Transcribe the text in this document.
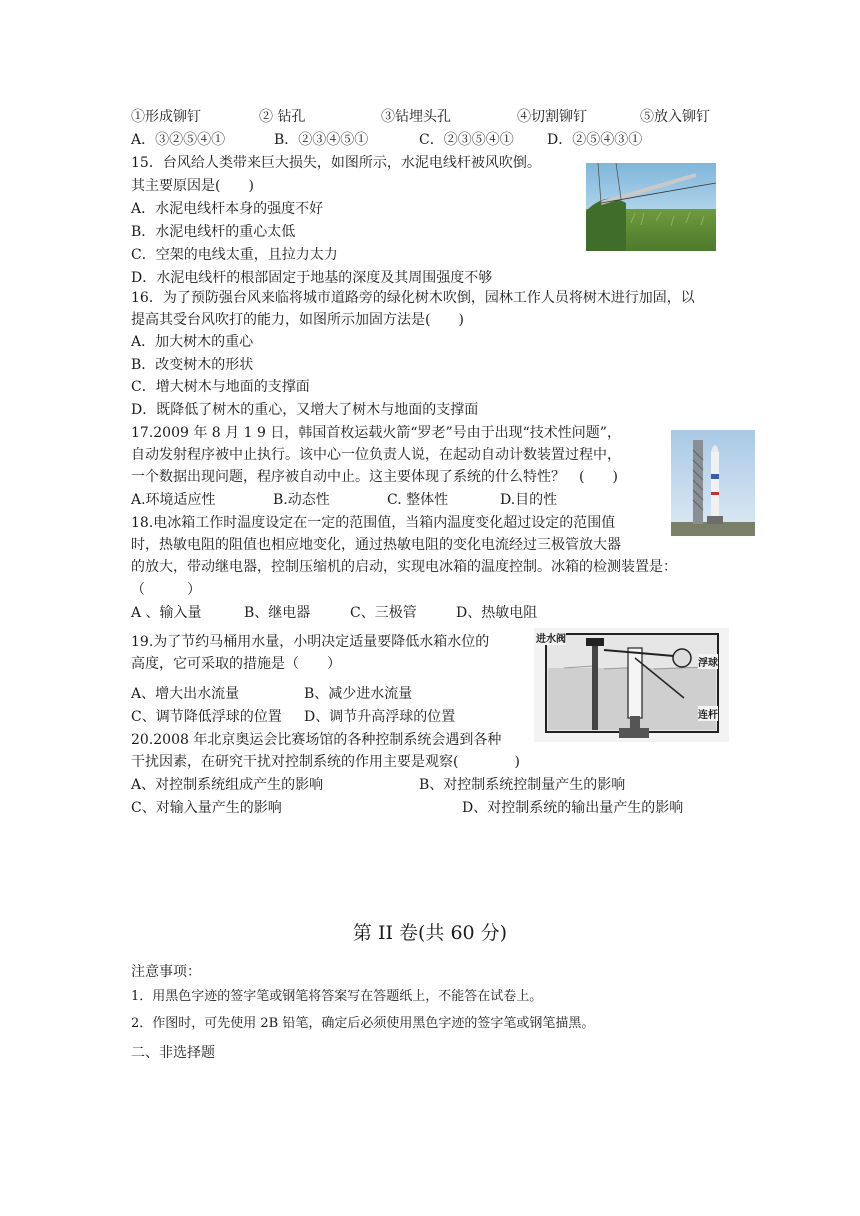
①形成铆钉	② 钻孔	③钻埋头孔	④切割铆钉	⑤放入铆钉
A．③②⑤④①	B．②③④⑤①	C．②③⑤④① D．②⑤④③①
15．台风给人类带来巨大损失，如图所示，水泥电线杆被风吹倒。
其主要原因是(　　)
A．水泥电线杆本身的强度不好
B．水泥电线杆的重心太低
C．空架的电线太重，且拉力太力
D．水泥电线杆的根部固定于地基的深度及其周围强度不够
16．为了预防强台风来临将城市道路旁的绿化树木吹倒，园林工作人员将树木进行加固，以
提高其受台风吹打的能力，如图所示加固方法是(　　)
A．加大树木的重心
B．改变树木的形状
C．增大树木与地面的支撑面
D．既降低了树木的重心，又增大了树木与地面的支撑面
17.2009 年 8 月 1 9 日，韩国首枚运载火箭“罗老”号由于出现“技术性问题”，
自动发射程序被中止执行。该中心一位负责人说，在起动自动计数装置过程中，
一个数据出现问题，程序被自动中止。这主要体现了系统的什么特性？　(　　)
A.环境适应性	B.动态性	C. 整体性	D.目的性
18.电冰箱工作时温度设定在一定的范围值，当箱内温度变化超过设定的范围值
时，热敏电阻的阻值也相应地变化，通过热敏电阻的变化电流经过三极管放大器
的放大，带动继电器，控制压缩机的启动，实现电冰箱的温度控制。冰箱的检测装置是：
（　　　）
A 、输入量	B、继电器	C、三极管	D、热敏电阻
19.为了节约马桶用水量，小明决定适量要降低水箱水位的
高度，它可采取的措施是（　　）
A、增大出水流量	B、减少进水流量
C、调节降低浮球的位置 D、调节升高浮球的位置
进水阀
浮球
连杆
20.2008 年北京奥运会比赛场馆的各种控制系统会遇到各种
干扰因素，在研究干扰对控制系统的作用主要是观察(　　　　)
A、对控制系统组成产生的影响	B、对控制系统控制量产生的影响
C、对输入量产生的影响	D、对控制系统的输出量产生的影响
第 II 卷(共 60 分)
注意事项：
1．用黑色字迹的签字笔或钢笔将答案写在答题纸上，不能答在试卷上。
2．作图时，可先使用 2B 铅笔，确定后必须使用黑色字迹的签字笔或钢笔描黑。
二、非选择题
